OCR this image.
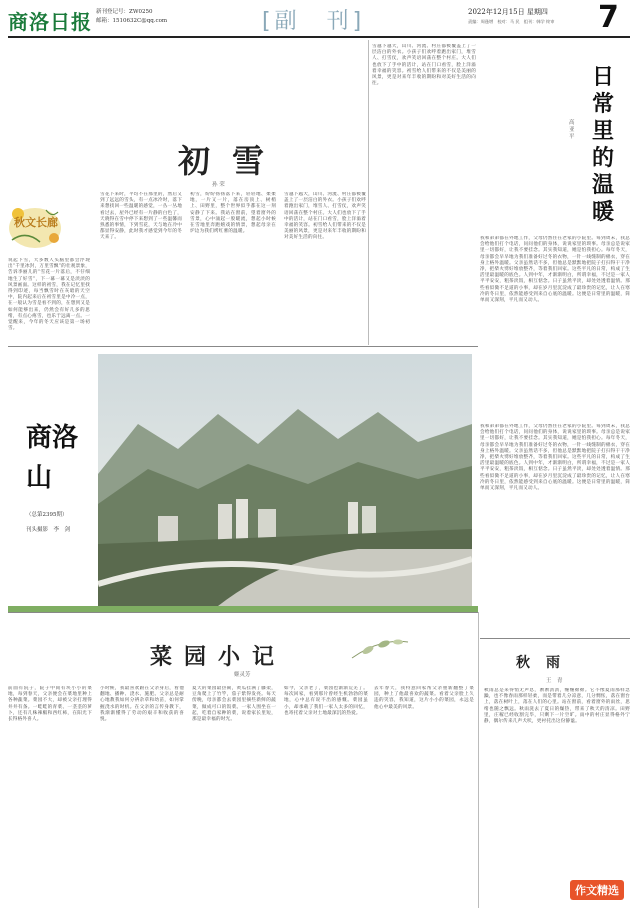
商洛日报 新刊登记号：ZW0250
邮箱：1510632C@qq.com	[副　刊]	2022年12月15日 星期四
责编：周逢增　校对：马 民　组刊：韩学 终审 7
初雪
孙 荣
秋文长廊
说起下雪，大多数人头脑里都会浮现出“千里冰封，万里雪飘”的壮观景象，告诉李丽儿的“雪花一片落后，不仔细地生了好雪”，下一幕一幕又是淡淡的风景画面。这样的初雪，我在记忆里找得到印迹，每当飘雪时在灰暗的天空中，院内起来后在初雪里是中冷一点，在一般认为雪是看不到的，在想到又是如何能够出来，仍然会有好几多的思绪，有点心疼雪，也乐于远离一点。一觉醒来，今年的冬天应该是第一场初雪。
雪花下来时，平均不在那里的，然后又到了远远的雪头，有一点冰冷时，落下来想找回一些温暖的感觉，一丛一丛地看过去，屋外已经有一片静的白色了，天晓得在雪中停下来想到了一些温馨而熟悉的事情，下到雪花，天与地在冷中都显得安静，此时我才感觉到今年的冬天来了。
初雪，纷纷扬扬落下来，轻轻地、柔柔地，一片又一片，落在房顶上、树梢上、田野里，整个世界似乎都在这一刻安静了下来。我站在窗前，望着窗外的雪景，心中涌起一股暖流，想起小时候在雪地里奔跑嬉戏的情景，想起母亲在炉边为我们烤红薯的温暖。
雪越下越大，山川、河流、村庄都被覆盖上了一层洁白的外衣。小孩子们欢呼着跑出家门，堆雪人、打雪仗，欢声笑语回荡在整个村庄。大人们也放下了手中的活计，站在门口看雪，脸上洋溢着幸福的笑容。初雪给人们带来的不仅是美丽的风景，更是对来年丰收的期盼和对美好生活的向往。
雪越下越大，山川、河流、村庄都被覆盖上了一层洁白的外衣。小孩子们欢呼着跑出家门，堆雪人、打雪仗，欢声笑语回荡在整个村庄。大人们也放下了手中的活计，站在门口看雪，脸上洋溢着幸福的笑容。初雪给人们带来的不仅是美丽的风景，更是对来年丰收的期盼和对美好生活的向往。	日常里的温暖
高亚平
我和弟弟都在外地工作，父母仍然住在老家的小院里。每到周末，我总会给他们打个电话，问问他们的身体，说说家里的琐事。母亲总是说家里一切都好，让我不要挂念。其实我知道，她是怕我担心。每年冬天，母亲都会早早地为我们准备好过冬的衣物，一针一线缝制的棉衣，穿在身上格外温暖。父亲虽然话不多，但他总是默默地把院子打扫得干干净净，把柴火劈好堆放整齐，等着我们回家。这些平凡的日常，构成了生活里最温暖的底色。人到中年，才渐渐明白，所谓幸福，不过是一家人平平安安，粗茶淡饭，相互惦念。日子虽然平淡，却处处透着温情。那些看似微不足道的小事，却在岁月里沉淀成了最珍贵的记忆，让人在寒冷的冬日里，依然能感受到来自心底的温暖。这便是日常里的温暖，简单而又深刻，平凡而又动人。
我和弟弟都在外地工作，父母仍然住在老家的小院里。每到周末，我总会给他们打个电话，问问他们的身体，说说家里的琐事。母亲总是说家里一切都好，让我不要挂念。其实我知道，她是怕我担心。每年冬天，母亲都会早早地为我们准备好过冬的衣物，一针一线缝制的棉衣，穿在身上格外温暖。父亲虽然话不多，但他总是默默地把院子打扫得干干净净，把柴火劈好堆放整齐，等着我们回家。这些平凡的日常，构成了生活里最温暖的底色。人到中年，才渐渐明白，所谓幸福，不过是一家人平平安安，粗茶淡饭，相互惦念。日子虽然平淡，却处处透着温情。那些看似微不足道的小事，却在岁月里沉淀成了最珍贵的记忆，让人在寒冷的冬日里，依然能感受到来自心底的温暖。这便是日常里的温暖，简单而又深刻，平凡而又动人。
商洛山
（总第2395期）
刊头摄影　李　剑
菜园小记
姬灵芳
前面有院子，院子中间有块小小的菜地，每到春天，父亲便会在菜地里种上各种蔬菜。菜园不大，却被父亲打理得井井有条。一畦畦的青菜、一垄垄的萝卜，还有几株辣椒和西红柿，在阳光下长得格外喜人。
小时候，我最喜欢跟在父亲身后，看他翻地、播种、浇水、施肥。父亲总是耐心地教我如何分辨杂草和幼苗，如何掌握浇水的时机。在父亲的言传身教下，我渐渐懂得了劳动的艰辛和收获的喜悦。
夏天的菜园最热闹，黄瓜挂满了藤架，豆角爬上了竹竿，茄子紫得发亮。每天傍晚，母亲都会去菜园里摘些新鲜的蔬菜，做成可口的饭菜。一家人围坐在一起，吃着自家种的菜，说着家长里短，那是最幸福的时光。
如今，父亲老了，菜园也渐渐荒芜了。每次回家，看到那片曾经生机勃勃的菜地，心中总有说不出的感慨。菜园虽小，却承载了我们一家人太多的回忆，也寄托着父亲对土地最深沉的热爱。
去年春天，我特意回家帮父亲重新翻整了菜园，种上了他最喜欢的蔬菜。看着父亲脸上久违的笑容，我知道，这片小小的菜园，永远是他心中最美的风景。
秋雨
王　青
秋雨总是来得悄无声息，淅淅沥沥，缠缠绵绵。它不像夏雨那样急躁，也不像春雨那样轻柔，而是带着几分凉意，几分惆怅，落在窗台上，落在树叶上，落在人们的心里。站在窗前，看着窗外的雨丝，思绪也随之飘远。秋雨洗去了夏日的燥热，带来了秋天的清凉。田野里，庄稼已经收割完毕，只剩下一片空旷。雨中的村庄显得格外宁静，偶尔传来几声犬吠，更衬托出这份静谧。
作文精选
